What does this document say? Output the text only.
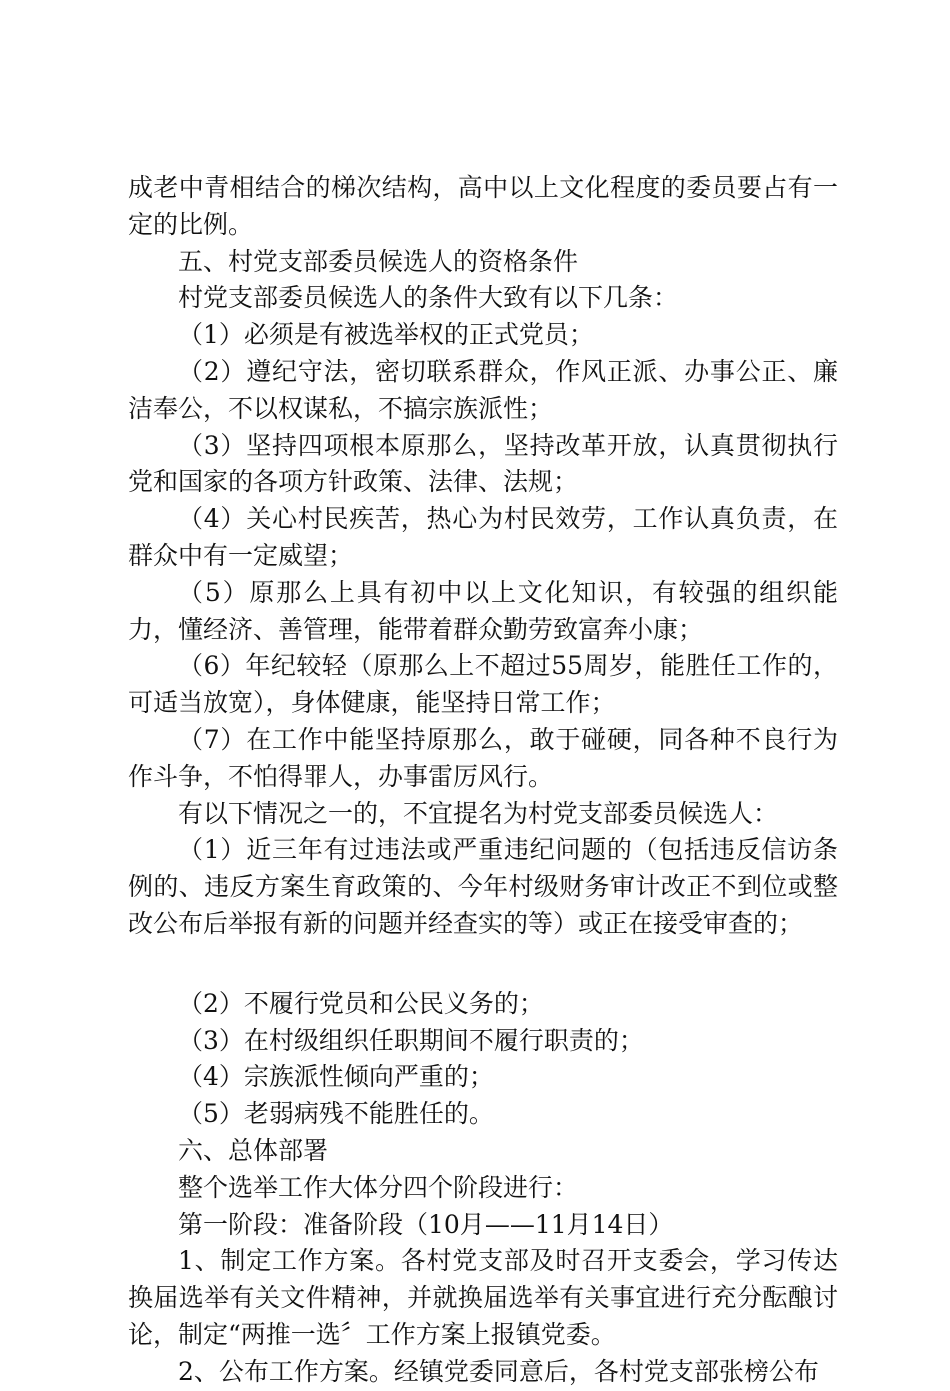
成老中青相结合的梯次结构，高中以上文化程度的委员要占有一定的比例。

五、村党支部委员候选人的资格条件

村党支部委员候选人的条件大致有以下几条：

（1）必须是有被选举权的正式党员；

（2）遵纪守法，密切联系群众，作风正派、办事公正、廉洁奉公，不以权谋私，不搞宗族派性；

（3）坚持四项根本原那么，坚持改革开放，认真贯彻执行党和国家的各项方针政策、法律、法规；

（4）关心村民疾苦，热心为村民效劳，工作认真负责，在群众中有一定威望；

（5）原那么上具有初中以上文化知识，有较强的组织能力，懂经济、善管理，能带着群众勤劳致富奔小康；

（6）年纪较轻（原那么上不超过55周岁，能胜任工作的，可适当放宽），身体健康，能坚持日常工作；

（7）在工作中能坚持原那么，敢于碰硬，同各种不良行为作斗争，不怕得罪人，办事雷厉风行。

有以下情况之一的，不宜提名为村党支部委员候选人：

（1）近三年有过违法或严重违纪问题的（包括违反信访条例的、违反方案生育政策的、今年村级财务审计改正不到位或整改公布后举报有新的问题并经查实的等）或正在接受审查的；

（2）不履行党员和公民义务的；

（3）在村级组织任职期间不履行职责的；

（4）宗族派性倾向严重的；

（5）老弱病残不能胜任的。

六、总体部署

整个选举工作大体分四个阶段进行：

第一阶段：准备阶段（10月——11月14日）

1、制定工作方案。各村党支部及时召开支委会，学习传达换届选举有关文件精神，并就换届选举有关事宜进行充分酝酿讨论，制定“两推一选〞工作方案上报镇党委。

2、公布工作方案。经镇党委同意后，各村党支部张榜公布
